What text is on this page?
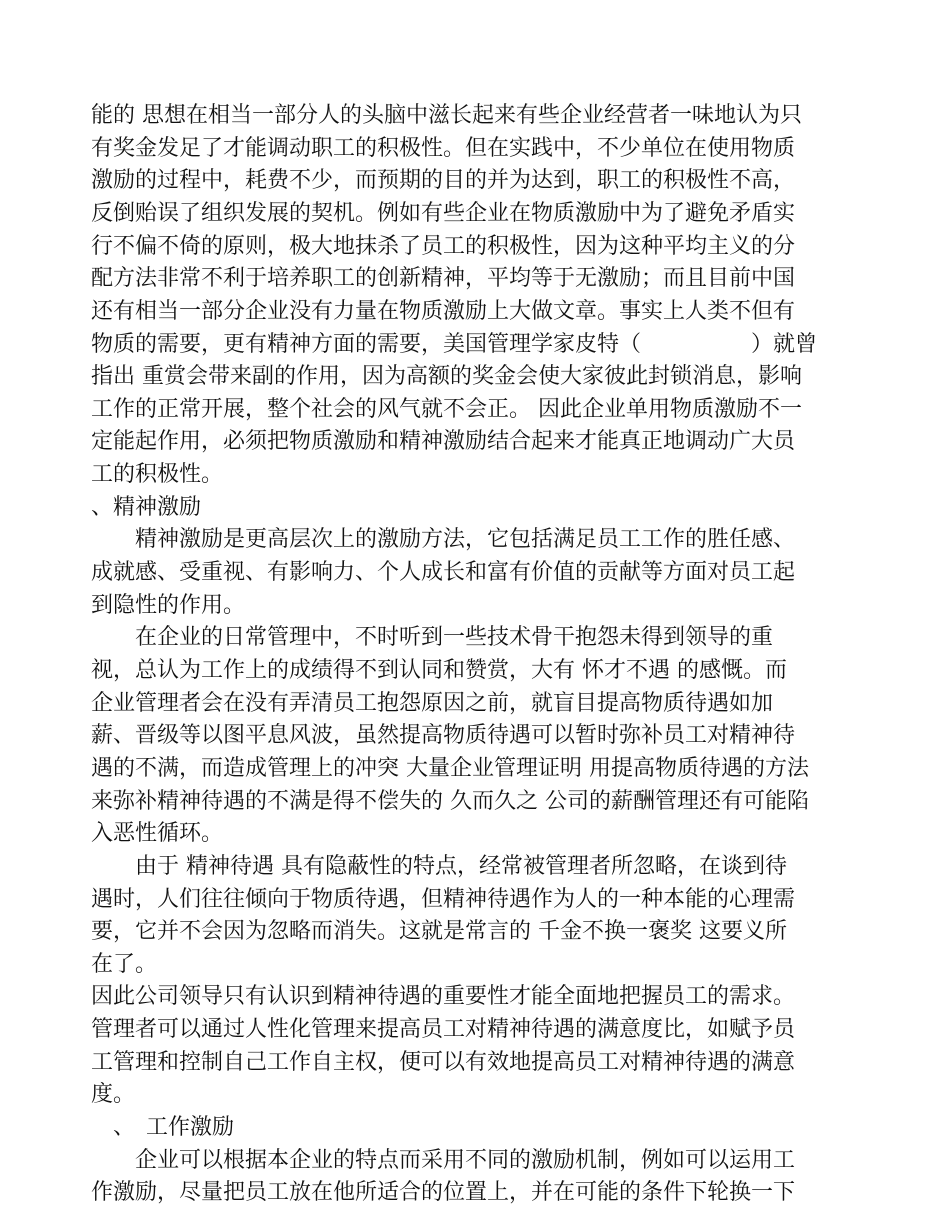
能的 思想在相当一部分人的头脑中滋长起来有些企业经营者一味地认为只
有奖金发足了才能调动职工的积极性。但在实践中，不少单位在使用物质
激励的过程中，耗费不少，而预期的目的并为达到，职工的积极性不高，
反倒贻误了组织发展的契机。例如有些企业在物质激励中为了避免矛盾实
行不偏不倚的原则，极大地抹杀了员工的积极性，因为这种平均主义的分
配方法非常不利于培养职工的创新精神，平均等于无激励；而且目前中国
还有相当一部分企业没有力量在物质激励上大做文章。事实上人类不但有
物质的需要，更有精神方面的需要，美国管理学家皮特（　　　　　）就曾
指出 重赏会带来副的作用，因为高额的奖金会使大家彼此封锁消息，影响
工作的正常开展，整个社会的风气就不会正。 因此企业单用物质激励不一
定能起作用，必须把物质激励和精神激励结合起来才能真正地调动广大员
工的积极性。
、精神激励
　　精神激励是更高层次上的激励方法，它包括满足员工工作的胜任感、
成就感、受重视、有影响力、个人成长和富有价值的贡献等方面对员工起
到隐性的作用。
　　在企业的日常管理中，不时听到一些技术骨干抱怨未得到领导的重
视，总认为工作上的成绩得不到认同和赞赏，大有 怀才不遇 的感慨。而
企业管理者会在没有弄清员工抱怨原因之前，就盲目提高物质待遇如加
薪、晋级等以图平息风波，虽然提高物质待遇可以暂时弥补员工对精神待
遇的不满，而造成管理上的冲突 大量企业管理证明 用提高物质待遇的方法
来弥补精神待遇的不满是得不偿失的 久而久之 公司的薪酬管理还有可能陷
入恶性循环。
　　由于 精神待遇 具有隐蔽性的特点，经常被管理者所忽略，在谈到待
遇时，人们往往倾向于物质待遇，但精神待遇作为人的一种本能的心理需
要，它并不会因为忽略而消失。这就是常言的 千金不换一褒奖 这要义所
在了。
因此公司领导只有认识到精神待遇的重要性才能全面地把握员工的需求。
管理者可以通过人性化管理来提高员工对精神待遇的满意度比，如赋予员
工管理和控制自己工作自主权，便可以有效地提高员工对精神待遇的满意
度。
　、　工作激励
　　企业可以根据本企业的特点而采用不同的激励机制，例如可以运用工
作激励，尽量把员工放在他所适合的位置上，并在可能的条件下轮换一下
